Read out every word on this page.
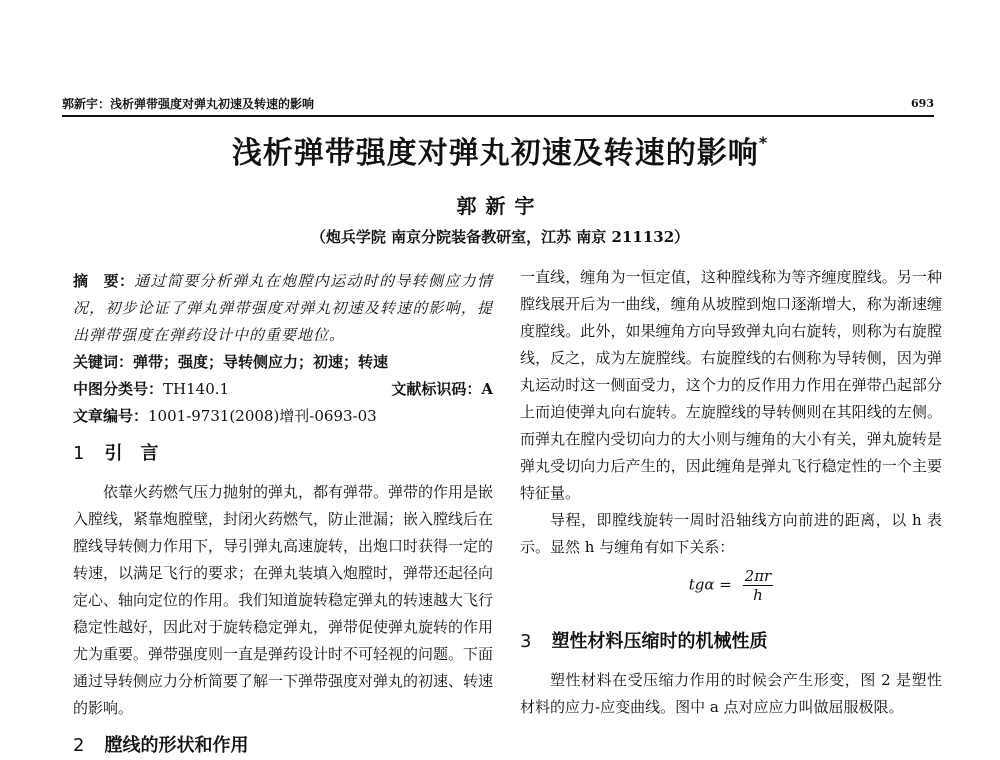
郭新宇：浅析弹带强度对弹丸初速及转速的影响	693
浅析弹带强度对弹丸初速及转速的影响*
郭新宇
（炮兵学院 南京分院装备教研室，江苏 南京 211132）

摘　要：通过简要分析弹丸在炮膛内运动时的导转侧应力情况，初步论证了弹丸弹带强度对弹丸初速及转速的影响，提出弹带强度在弹药设计中的重要地位。

关键词：弹带；强度；导转侧应力；初速；转速

中图分类号：TH140.1	文献标识码：A
文章编号：1001-9731(2008)增刊-0693-03
1 引　言

依靠火药燃气压力抛射的弹丸，都有弹带。弹带的作用是嵌入膛线，紧靠炮膛壁，封闭火药燃气，防止泄漏；嵌入膛线后在膛线导转侧力作用下，导引弹丸高速旋转，出炮口时获得一定的转速，以满足飞行的要求；在弹丸装填入炮膛时，弹带还起径向定心、轴向定位的作用。我们知道旋转稳定弹丸的转速越大飞行稳定性越好，因此对于旋转稳定弹丸，弹带促使弹丸旋转的作用尤为重要。弹带强度则一直是弹药设计时不可轻视的问题。下面通过导转侧应力分析简要了解一下弹带强度对弹丸的初速、转速的影响。

2 膛线的形状和作用

一直线，缠角为一恒定值，这种膛线称为等齐缠度膛线。另一种膛线展开后为一曲线，缠角从坡膛到炮口逐渐增大，称为渐速缠度膛线。此外，如果缠角方向导致弹丸向右旋转，则称为右旋膛线，反之，成为左旋膛线。右旋膛线的右侧称为导转侧，因为弹丸运动时这一侧面受力，这个力的反作用力作用在弹带凸起部分上而迫使弹丸向右旋转。左旋膛线的导转侧则在其阳线的左侧。而弹丸在膛内受切向力的大小则与缠角的大小有关，弹丸旋转是弹丸受切向力后产生的，因此缠角是弹丸飞行稳定性的一个主要特征量。

导程，即膛线旋转一周时沿轴线方向前进的距离，以 h 表示。显然 h 与缠角有如下关系：

$tg\alpha = \frac{2\pi r}{h}$
3 塑性材料压缩时的机械性质

塑性材料在受压缩力作用的时候会产生形变，图 2 是塑性材料的应力-应变曲线。图中 a 点对应应力叫做屈服极限。
